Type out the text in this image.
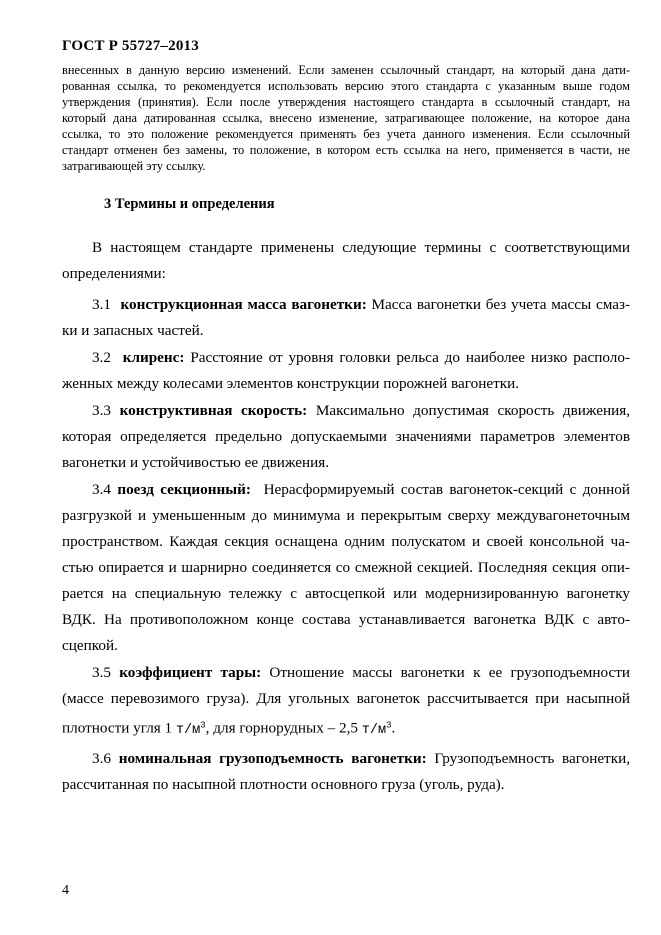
ГОСТ Р 55727–2013
внесенных в данную версию изменений. Если заменен ссылочный стандарт, на который дана дати-
рованная ссылка, то рекомендуется использовать версию этого стандарта с указанным выше годом
утверждения (принятия). Если после утверждения настоящего стандарта в ссылочный стандарт, на
который дана датированная ссылка, внесено изменение, затрагивающее положение, на которое дана
ссылка, то это положение рекомендуется применять без учета данного изменения. Если ссылочный
стандарт отменен без замены, то положение, в котором есть ссылка на него, применяется в части, не
затрагивающей эту ссылку.
3 Термины и определения
В настоящем стандарте применены следующие термины с соответствующими
определениями:
3.1 конструкционная масса вагонетки: Масса вагонетки без учета массы смаз-
ки и запасных частей.
3.2 клиренс: Расстояние от уровня головки рельса до наиболее низко располо-
женных между колесами элементов конструкции порожней вагонетки.
3.3 конструктивная скорость: Максимально допустимая скорость движения,
которая определяется предельно допускаемыми значениями параметров элементов
вагонетки и устойчивостью ее движения.
3.4 поезд секционный: Нерасформируемый состав вагонеток-секций с донной
разгрузкой и уменьшенным до минимума и перекрытым сверху междувагонеточным
пространством. Каждая секция оснащена одним полускатом и своей консольной ча-
стью опирается и шарнирно соединяется со смежной секцией. Последняя секция опи-
рается на специальную тележку с автосцепкой или модернизированную вагонетку
ВДК. На противоположном конце состава устанавливается вагонетка ВДК с авто-
сцепкой.
3.5 коэффициент тары: Отношение массы вагонетки к ее грузоподъемности
(массе перевозимого груза). Для угольных вагонеток рассчитывается при насыпной
плотности угля 1 $т/м^3$, для горнорудных – 2,5 $т/м^3$.
3.6 номинальная грузоподъемность вагонетки: Грузоподъемность вагонетки,
рассчитанная по насыпной плотности основного груза (уголь, руда).
4
